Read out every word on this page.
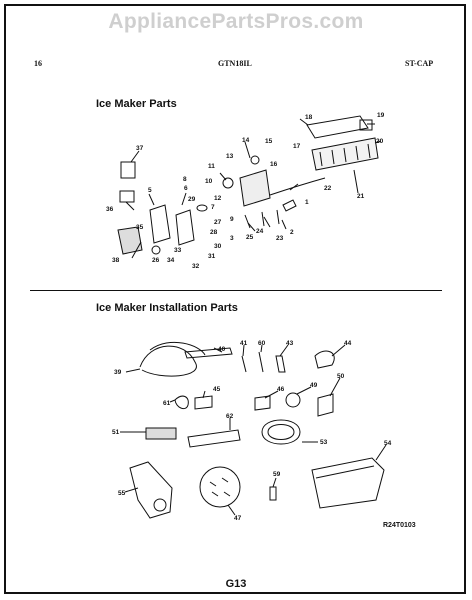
AppliancePartsPros.com
16	GTN18IL	ST-CAP
Ice Maker Parts
Ice Maker Installation Parts
37
36
38
35
5	6
8
26 34
33
32
31
30
28
29
27
10
11
12
13
14 15
16
17
18	19
20
21
22
1
2
23
24
25
9
7
3
39
40
41 60	43	44
61
45	46
49
50
51
62
53	54
55
47
59
R24T0103
G13
